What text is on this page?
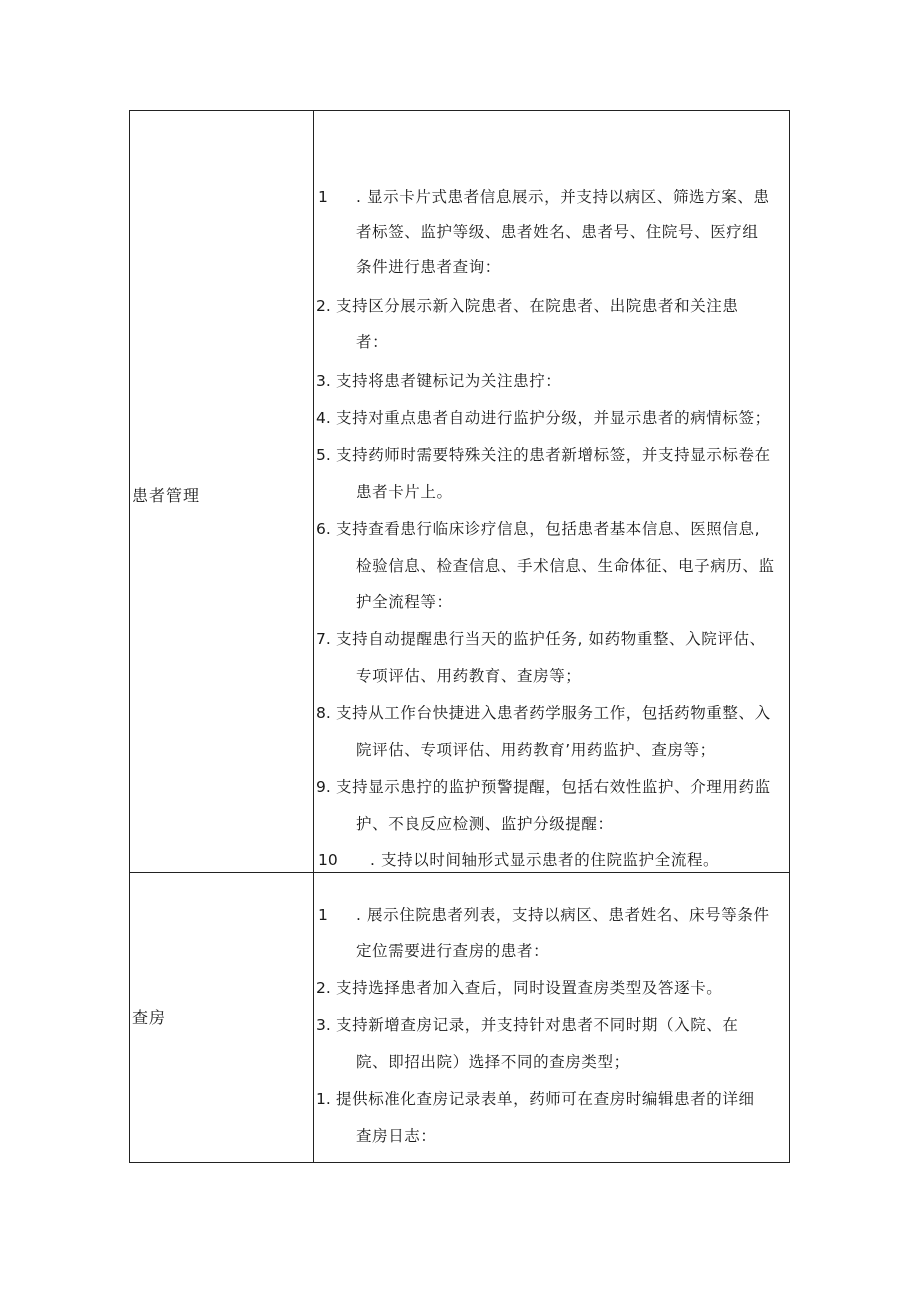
患者管理
1 . 显示卡片式患者信息展示，并支持以病区、筛选方案、患
者标签、监护等级、患者姓名、患者号、住院号、医疗组
条件进行患者查询：
2. 支持区分展示新入院患者、在院患者、出院患者和关注患
者：
3. 支持将患者键标记为关注患拧：
4. 支持对重点患者自动进行监护分级，并显示患者的病情标签；
5. 支持药师时需要特殊关注的患者新增标签，并支持显示标卷在
患者卡片上。
6. 支持查看患行临床诊疗信息，包括患者基本信息、医照信息,
检验信息、检查信息、手术信息、生命体征、电子病历、监
护全流程等：
7. 支持自动提醒患行当天的监护任务, 如药物重整、入院评估、
专项评估、用药教育、查房等；
8. 支持从工作台快捷进入患者药学服务工作，包括药物重整、入
院评估、专项评估、用药教育’用药监护、查房等；
9. 支持显示患拧的监护预警提醒，包括右效性监护、介理用药监
护、不良反应检测、监护分级提醒：
10 . 支持以时间轴形式显示患者的住院监护全流程。
查房
1 . 展示住院患者列表，支持以病区、患者姓名、床号等条件
定位需要进行查房的患者：
2. 支持选择患者加入查后，同时设置查房类型及答逐卡。
3. 支持新增查房记录，并支持针对患者不同时期（入院、在
院、即招出院）选择不同的查房类型；
1. 提供标准化查房记录表单，药师可在查房时编辑患者的详细
查房日志：
